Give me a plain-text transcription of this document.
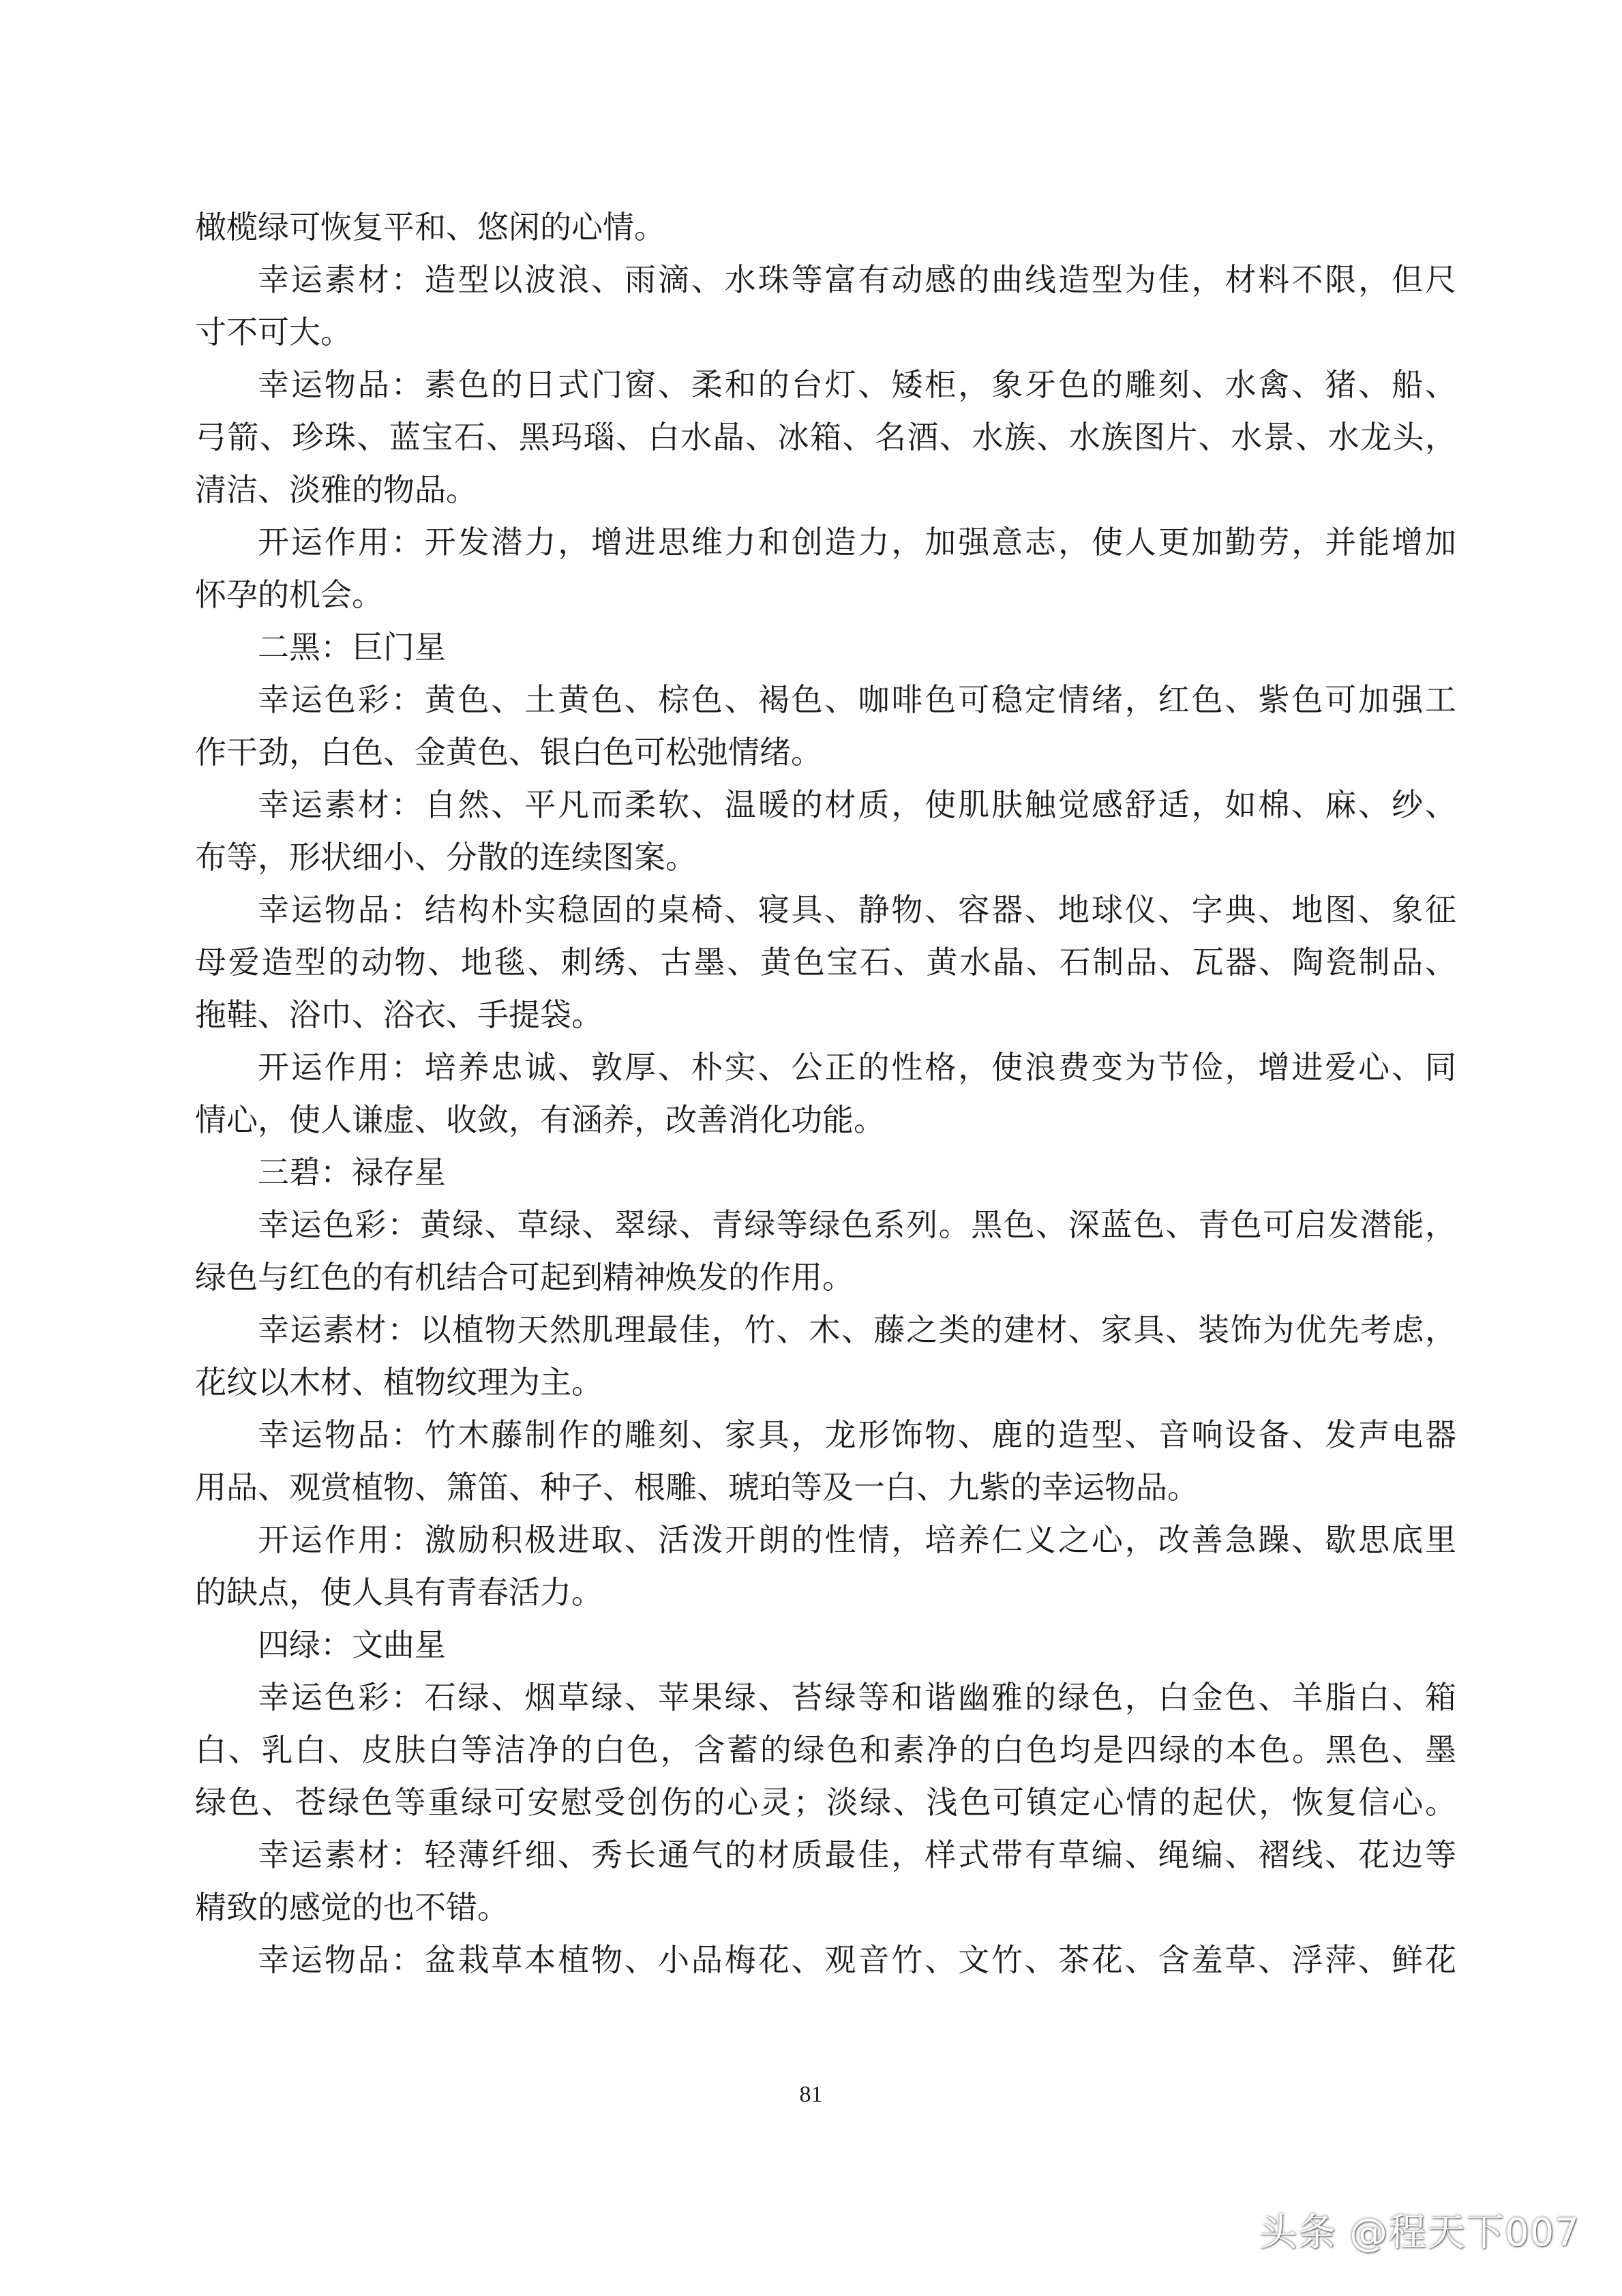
橄榄绿可恢复平和、悠闲的心情。
幸运素材：造型以波浪、雨滴、水珠等富有动感的曲线造型为佳，材料不限，但尺
寸不可大。
幸运物品：素色的日式门窗、柔和的台灯、矮柜，象牙色的雕刻、水禽、猪、船、
弓箭、珍珠、蓝宝石、黑玛瑙、白水晶、冰箱、名酒、水族、水族图片、水景、水龙头，
清洁、淡雅的物品。
开运作用：开发潜力，增进思维力和创造力，加强意志，使人更加勤劳，并能增加
怀孕的机会。
二黑：巨门星
幸运色彩：黄色、土黄色、棕色、褐色、咖啡色可稳定情绪，红色、紫色可加强工
作干劲，白色、金黄色、银白色可松弛情绪。
幸运素材：自然、平凡而柔软、温暖的材质，使肌肤触觉感舒适，如棉、麻、纱、
布等，形状细小、分散的连续图案。
幸运物品：结构朴实稳固的桌椅、寝具、静物、容器、地球仪、字典、地图、象征
母爱造型的动物、地毯、刺绣、古墨、黄色宝石、黄水晶、石制品、瓦器、陶瓷制品、
拖鞋、浴巾、浴衣、手提袋。
开运作用：培养忠诚、敦厚、朴实、公正的性格，使浪费变为节俭，增进爱心、同
情心，使人谦虚、收敛，有涵养，改善消化功能。
三碧：禄存星
幸运色彩：黄绿、草绿、翠绿、青绿等绿色系列。黑色、深蓝色、青色可启发潜能，
绿色与红色的有机结合可起到精神焕发的作用。
幸运素材：以植物天然肌理最佳，竹、木、藤之类的建材、家具、装饰为优先考虑，
花纹以木材、植物纹理为主。
幸运物品：竹木藤制作的雕刻、家具，龙形饰物、鹿的造型、音响设备、发声电器
用品、观赏植物、箫笛、种子、根雕、琥珀等及一白、九紫的幸运物品。
开运作用：激励积极进取、活泼开朗的性情，培养仁义之心，改善急躁、歇思底里
的缺点，使人具有青春活力。
四绿：文曲星
幸运色彩：石绿、烟草绿、苹果绿、苔绿等和谐幽雅的绿色，白金色、羊脂白、箱
白、乳白、皮肤白等洁净的白色，含蓄的绿色和素净的白色均是四绿的本色。黑色、墨
绿色、苍绿色等重绿可安慰受创伤的心灵；淡绿、浅色可镇定心情的起伏，恢复信心。
幸运素材：轻薄纤细、秀长通气的材质最佳，样式带有草编、绳编、褶线、花边等
精致的感觉的也不错。
幸运物品：盆栽草本植物、小品梅花、观音竹、文竹、茶花、含羞草、浮萍、鲜花
81
头条 @程天下007
